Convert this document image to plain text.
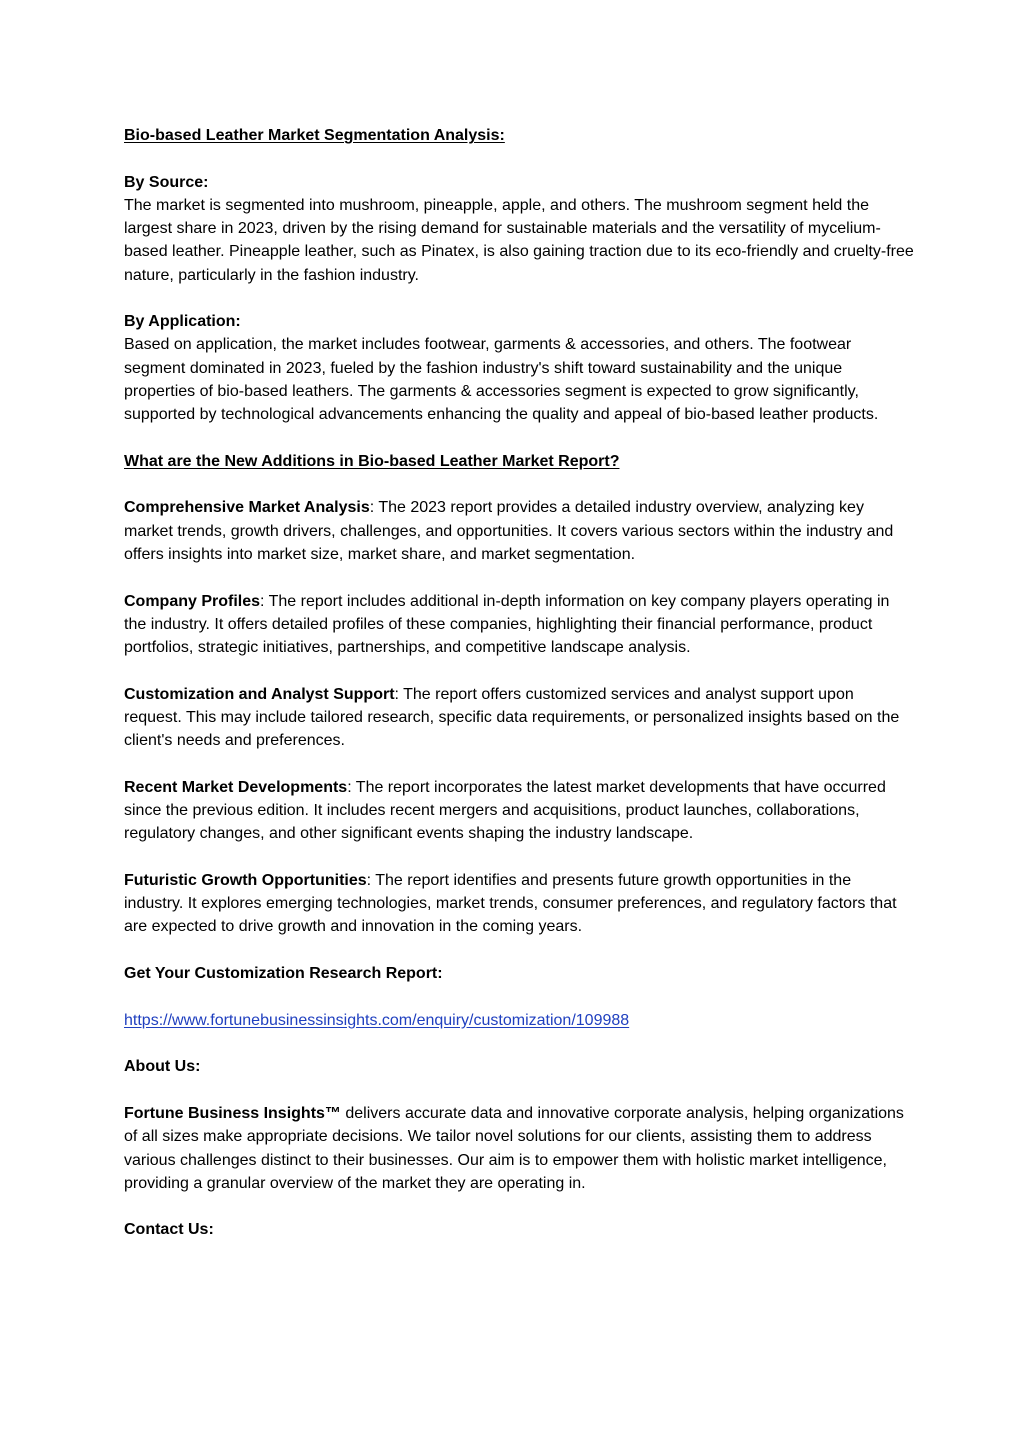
Bio-based Leather Market Segmentation Analysis:

By Source:

The market is segmented into mushroom, pineapple, apple, and others. The mushroom segment held the largest share in 2023, driven by the rising demand for sustainable materials and the versatility of mycelium-based leather. Pineapple leather, such as Pinatex, is also gaining traction due to its eco-friendly and cruelty-free nature, particularly in the fashion industry.

By Application:

Based on application, the market includes footwear, garments & accessories, and others. The footwear segment dominated in 2023, fueled by the fashion industry's shift toward sustainability and the unique properties of bio-based leathers. The garments & accessories segment is expected to grow significantly, supported by technological advancements enhancing the quality and appeal of bio-based leather products.

What are the New Additions in Bio-based Leather Market Report?

Comprehensive Market Analysis: The 2023 report provides a detailed industry overview, analyzing key market trends, growth drivers, challenges, and opportunities. It covers various sectors within the industry and offers insights into market size, market share, and market segmentation.

Company Profiles: The report includes additional in-depth information on key company players operating in the industry. It offers detailed profiles of these companies, highlighting their financial performance, product portfolios, strategic initiatives, partnerships, and competitive landscape analysis.

Customization and Analyst Support: The report offers customized services and analyst support upon request. This may include tailored research, specific data requirements, or personalized insights based on the client's needs and preferences.

Recent Market Developments: The report incorporates the latest market developments that have occurred since the previous edition. It includes recent mergers and acquisitions, product launches, collaborations, regulatory changes, and other significant events shaping the industry landscape.

Futuristic Growth Opportunities: The report identifies and presents future growth opportunities in the industry. It explores emerging technologies, market trends, consumer preferences, and regulatory factors that are expected to drive growth and innovation in the coming years.

Get Your Customization Research Report:

https://www.fortunebusinessinsights.com/enquiry/customization/109988

About Us:

Fortune Business Insights™ delivers accurate data and innovative corporate analysis, helping organizations of all sizes make appropriate decisions. We tailor novel solutions for our clients, assisting them to address various challenges distinct to their businesses. Our aim is to empower them with holistic market intelligence, providing a granular overview of the market they are operating in.

Contact Us:
